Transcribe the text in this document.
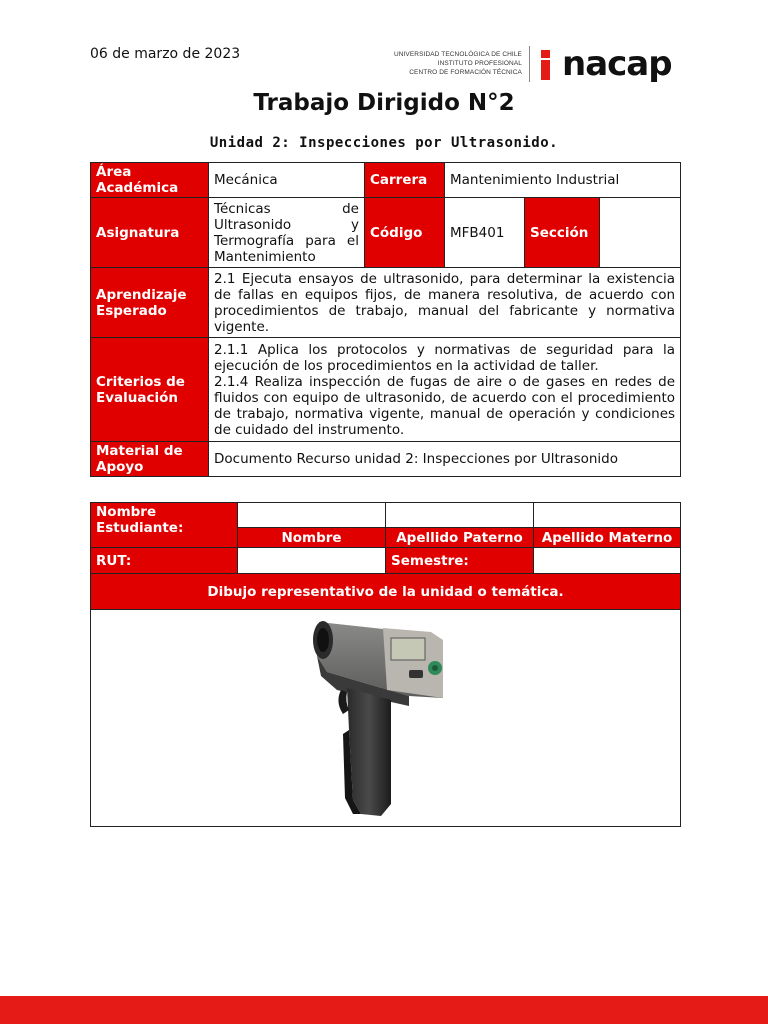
06 de marzo de 2023	UNIVERSIDAD TECNOLÓGICA DE CHILE
INSTITUTO PROFESIONAL
CENTRO DE FORMACIÓN TÉCNICA nacap
Trabajo Dirigido N°2
Unidad 2: Inspecciones por Ultrasonido.
Área Académica	Mecánica	Carrera	Mantenimiento Industrial		
Asignatura	Técnicas de Ultrasonido y Termografía para el Mantenimiento	Código	MFB401	Sección	
Aprendizaje Esperado	2.1 Ejecuta ensayos de ultrasonido, para determinar la existencia de fallas en equipos fijos, de manera resolutiva, de acuerdo con procedimientos de trabajo, manual del fabricante y normativa vigente.				
Criterios de Evaluación	2.1.1 Aplica los protocolos y normativas de seguridad para la ejecución de los procedimientos en la actividad de taller.
2.1.4 Realiza inspección de fugas de aire o de gases en redes de fluidos con equipo de ultrasonido, de acuerdo con el procedimiento de trabajo, normativa vigente, manual de operación y condiciones de cuidado del instrumento.				

Material de Apoyo	Documento Recurso unidad 2: Inspecciones por Ultrasonido				
Nombre Estudiante:			
	Nombre	Apellido Paterno	Apellido Materno
RUT:		Semestre:	
Dibujo representativo de la unidad o temática.			
